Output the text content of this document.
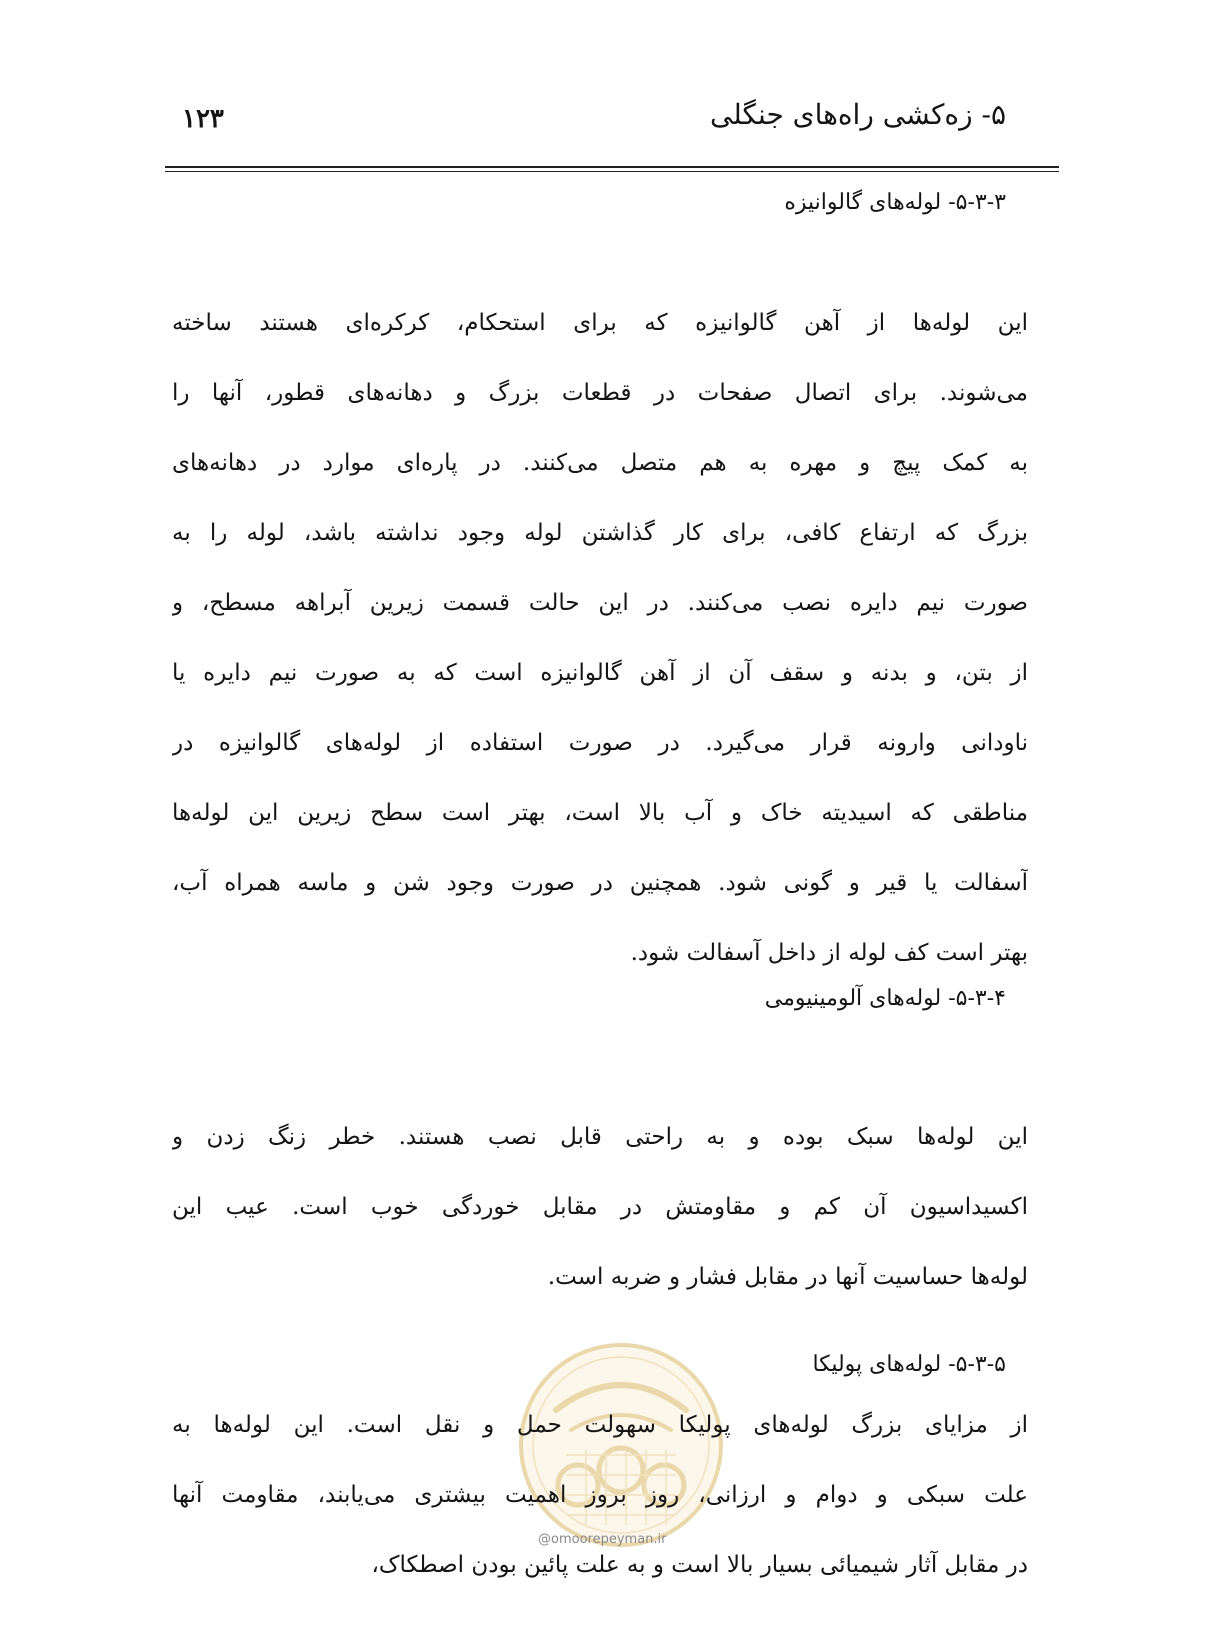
۵- زه‌کشی راه‌های جنگلی
۱۲۳
۵-۳-۳- لوله‌های گالوانیزه
این لوله‌ها از آهن گالوانیزه که برای استحکام، کرکره‌ای هستند ساخته
می‌شوند. برای اتصال صفحات در قطعات بزرگ و دهانه‌های قطور، آنها را
به کمک پیچ و مهره به هم متصل می‌کنند. در پاره‌ای موارد در دهانه‌های
بزرگ که ارتفاع کافی، برای کار گذاشتن لوله وجود نداشته باشد، لوله را به
صورت نیم دایره نصب می‌کنند. در این حالت قسمت زیرین آبراهه مسطح، و
از بتن، و بدنه و سقف آن از آهن گالوانیزه است که به صورت نیم دایره یا
ناودانی وارونه قرار می‌گیرد. در صورت استفاده از لوله‌های گالوانیزه در
مناطقی که اسیدیته خاک و آب بالا است، بهتر است سطح زیرین این لوله‌ها
آسفالت یا قیر و گونی شود. همچنین در صورت وجود شن و ماسه همراه آب،
بهتر است کف لوله از داخل آسفالت شود.
۵-۳-۴- لوله‌های آلومینیومی
این لوله‌ها سبک بوده و به راحتی قابل نصب هستند. خطر زنگ زدن و
اکسیداسیون آن کم و مقاومتش در مقابل خوردگی خوب است. عیب این
لوله‌ها حساسیت آنها در مقابل فشار و ضربه است.
۵-۳-۵- لوله‌های پولیکا
@omoorepeyman.ir
از مزایای بزرگ لوله‌های پولیکا سهولت حمل و نقل است. این لوله‌ها به
علت سبکی و دوام و ارزانی، روز بروز اهمیت بیشتری می‌یابند، مقاومت آنها
در مقابل آثار شیمیائی بسیار بالا است و به علت پائین بودن اصطکاک،
